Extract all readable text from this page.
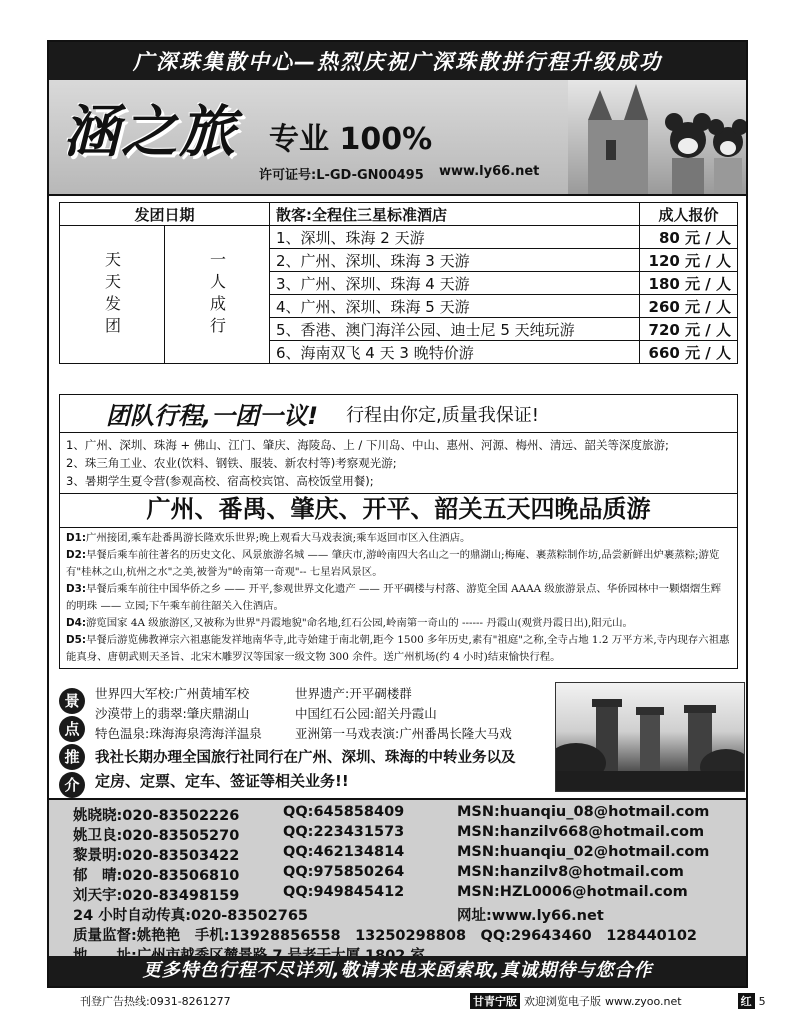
广深珠集散中心—热烈庆祝广深珠散拼行程升级成功
涵之旅 专业 100%
许可证号:L-GD-GN00495 www.ly66.net
发团日期		散客:全程住三星标准酒店	成人报价
天天发团	一人成行	1、深圳、珠海 2 天游	80 元 / 人
		2、广州、深圳、珠海 3 天游	120 元 / 人
		3、广州、深圳、珠海 4 天游	180 元 / 人
		4、广州、深圳、珠海 5 天游	260 元 / 人
		5、香港、澳门海洋公园、迪士尼 5 天纯玩游	720 元 / 人
		6、海南双飞 4 天 3 晚特价游	660 元 / 人
团队行程,一团一议! 行程由你定,质量我保证!
1、广州、深圳、珠海 + 佛山、江门、肇庆、海陵岛、上 / 下川岛、中山、惠州、河源、梅州、清远、韶关等深度旅游;
2、珠三角工业、农业(饮料、钢铁、服装、新农村等)考察观光游;
3、暑期学生夏令营(参观高校、宿高校宾馆、高校饭堂用餐);
广州、番禺、肇庆、开平、韶关五天四晚品质游
D1:广州接团,乘车赴番禺游长隆欢乐世界;晚上观看大马戏表演;乘车返回市区入住酒店。
D2:早餐后乘车前往著名的历史文化、风景旅游名城 —— 肇庆市,游岭南四大名山之一的鼎湖山;梅庵、裹蒸粽制作坊,品尝新鲜出炉裹蒸粽;游览有"桂林之山,杭州之水"之美,被誉为"岭南第一奇观"-- 七星岩风景区。
D3:早餐后乘车前往中国华侨之乡 —— 开平,参观世界文化遗产 —— 开平碉楼与村落、游览全国 AAAA 级旅游景点、华侨园林中一颗熠熠生辉的明珠 —— 立园;下午乘车前往韶关入住酒店。
D4:游览国家 4A 级旅游区,又被称为世界"丹霞地貌"命名地,红石公园,岭南第一奇山的 ------ 丹霞山(观赏丹霞日出),阳元山。
D5:早餐后游览佛教禅宗六祖惠能发祥地南华寺,此寺始建于南北朝,距今 1500 多年历史,素有"祖庭"之称,全寺占地 1.2 万平方米,寺内现存六祖惠能真身、唐朝武则天圣旨、北宋木雕罗汉等国家一级文物 300 余件。送广州机场(约 4 小时)结束愉快行程。
景
点
推
介
世界四大军校:广州黄埔军校
沙漠带上的翡翠:肇庆鼎湖山
特色温泉:珠海海泉湾海洋温泉
世界遗产:开平碉楼群
中国红石公园:韶关丹霞山
亚洲第一马戏表演:广州番禺长隆大马戏
我社长期办理全国旅行社同行在广州、深圳、珠海的中转业务以及
定房、定票、定车、签证等相关业务!!
姚晓晓:020-83502226	QQ:645858409	MSN:huanqiu_08@hotmail.com
姚卫良:020-83505270	QQ:223431573	MSN:hanzilv668@hotmail.com
黎景明:020-83503422	QQ:462134814	MSN:huanqiu_02@hotmail.com
郁　晴:020-83506810	QQ:975850264	MSN:hanzilv8@hotmail.com
刘天宇:020-83498159	QQ:949845412	MSN:HZL0006@hotmail.com
24 小时自动传真:020-83502765	网址:www.ly66.net
质量监督:姚艳艳　手机:13928856558　13250298808　QQ:29643460　128440102
更多特色行程不尽详列,敬请来电来函索取,真诚期待与您合作
刊登广告热线:0931-8261277	甘青宁版 欢迎浏览电子版 www.zyoo.net	红 5
